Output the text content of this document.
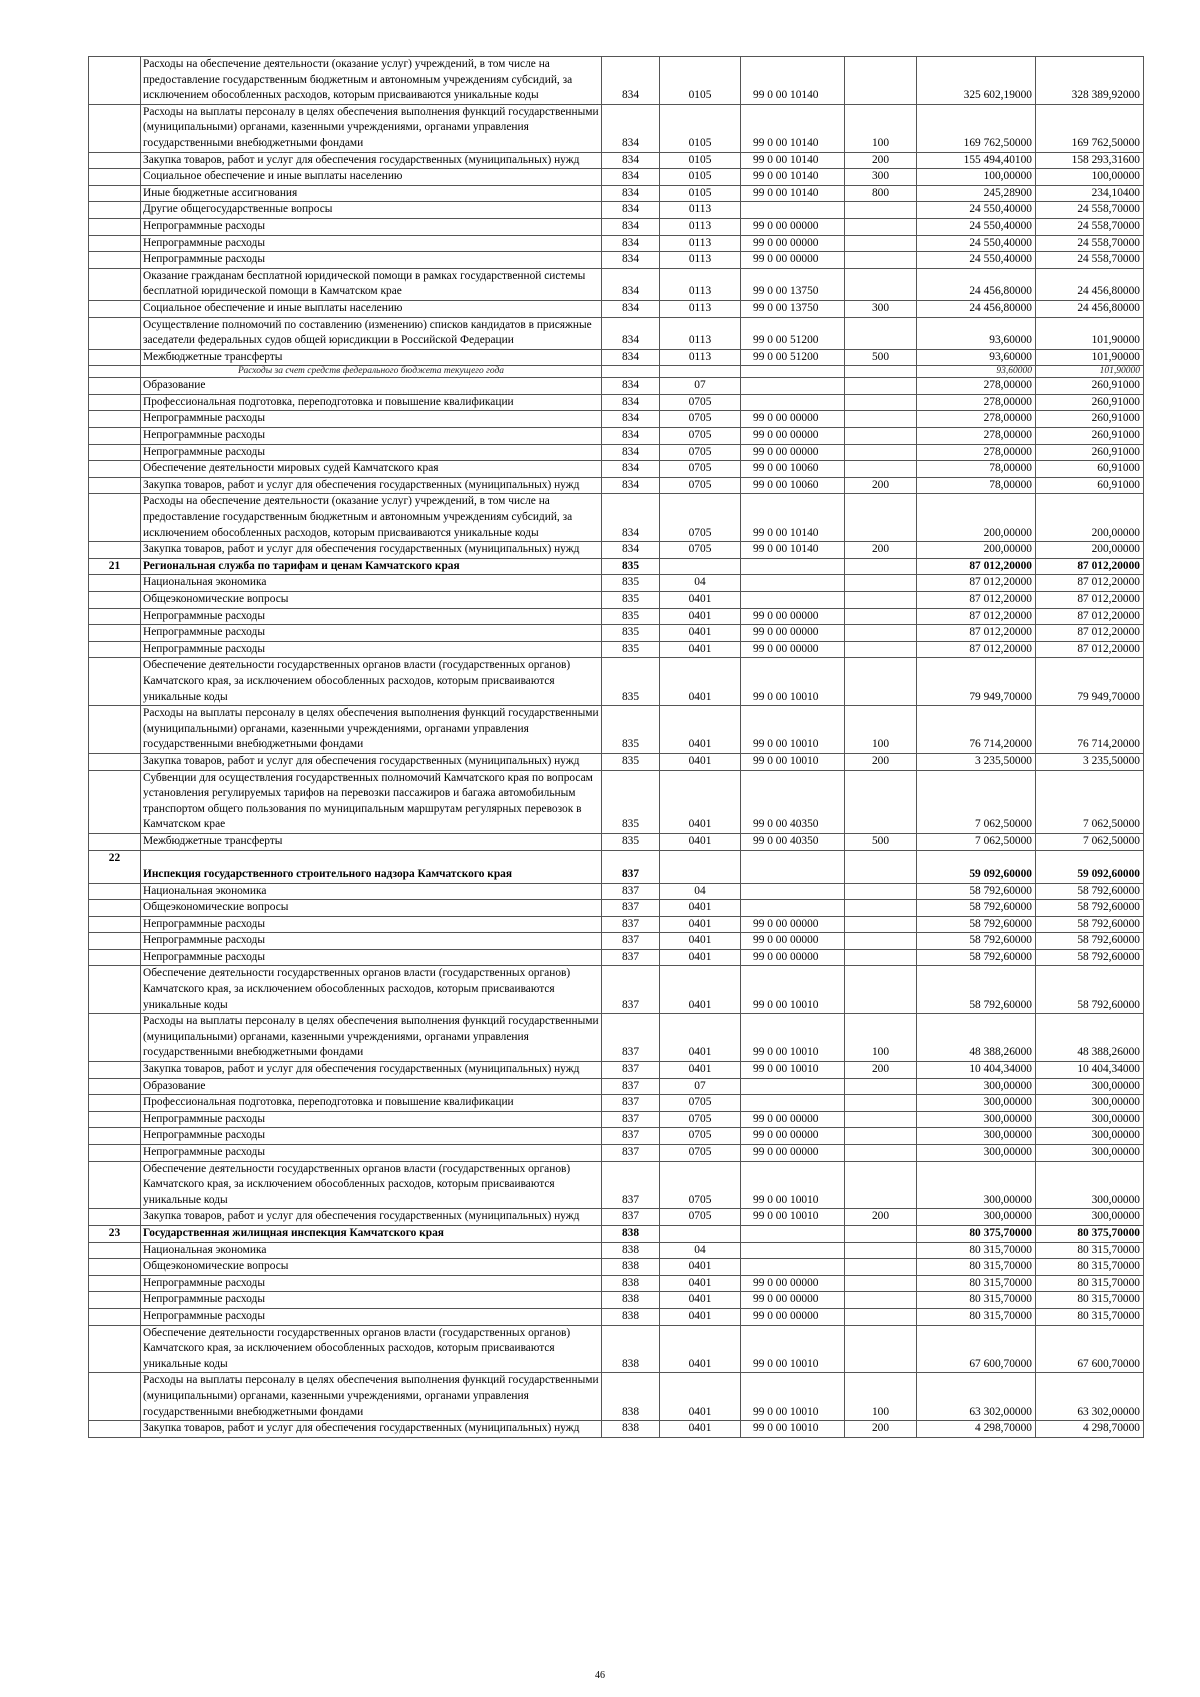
	Расходы на обеспечение деятельности (оказание услуг) учреждений, в том числе на предоставление государственным бюджетным и автономным учреждениям субсидий, за исключением обособленных расходов, которым присваиваются уникальные коды	834	0105	99 0 00 10140		325 602,19000	328 389,92000
	Расходы на выплаты персоналу в целях обеспечения выполнения функций государственными (муниципальными) органами, казенными учреждениями, органами управления государственными внебюджетными фондами	834	0105	99 0 00 10140	100	169 762,50000	169 762,50000
	Закупка товаров, работ и услуг для обеспечения государственных (муниципальных) нужд	834	0105	99 0 00 10140	200	155 494,40100	158 293,31600
	Социальное обеспечение и иные выплаты населению	834	0105	99 0 00 10140	300	100,00000	100,00000
	Иные бюджетные ассигнования	834	0105	99 0 00 10140	800	245,28900	234,10400
	Другие общегосударственные вопросы	834	0113			24 550,40000	24 558,70000
	Непрограммные расходы	834	0113	99 0 00 00000		24 550,40000	24 558,70000
	Непрограммные расходы	834	0113	99 0 00 00000		24 550,40000	24 558,70000
	Непрограммные расходы	834	0113	99 0 00 00000		24 550,40000	24 558,70000
	Оказание гражданам бесплатной юридической помощи в рамках государственной системы бесплатной юридической помощи в Камчатском крае	834	0113	99 0 00 13750		24 456,80000	24 456,80000
	Социальное обеспечение и иные выплаты населению	834	0113	99 0 00 13750	300	24 456,80000	24 456,80000
	Осуществление полномочий по составлению (изменению) списков кандидатов в присяжные заседатели федеральных судов общей юрисдикции в Российской Федерации	834	0113	99 0 00 51200		93,60000	101,90000
	Межбюджетные трансферты	834	0113	99 0 00 51200	500	93,60000	101,90000
	Расходы за счет средств федерального бюджета текущего года					93,60000	101,90000
	Образование	834	07			278,00000	260,91000
	Профессиональная подготовка, переподготовка и повышение квалификации	834	0705			278,00000	260,91000
	Непрограммные расходы	834	0705	99 0 00 00000		278,00000	260,91000
	Непрограммные расходы	834	0705	99 0 00 00000		278,00000	260,91000
	Непрограммные расходы	834	0705	99 0 00 00000		278,00000	260,91000
	Обеспечение деятельности мировых судей Камчатского края	834	0705	99 0 00 10060		78,00000	60,91000
	Закупка товаров, работ и услуг для обеспечения государственных (муниципальных) нужд	834	0705	99 0 00 10060	200	78,00000	60,91000
	Расходы на обеспечение деятельности (оказание услуг) учреждений, в том числе на предоставление государственным бюджетным и автономным учреждениям субсидий, за исключением обособленных расходов, которым присваиваются уникальные коды	834	0705	99 0 00 10140		200,00000	200,00000
	Закупка товаров, работ и услуг для обеспечения государственных (муниципальных) нужд	834	0705	99 0 00 10140	200	200,00000	200,00000
21	Региональная служба по тарифам и ценам Камчатского края	835				87 012,20000	87 012,20000
	Национальная экономика	835	04			87 012,20000	87 012,20000
	Общеэкономические вопросы	835	0401			87 012,20000	87 012,20000
	Непрограммные расходы	835	0401	99 0 00 00000		87 012,20000	87 012,20000
	Непрограммные расходы	835	0401	99 0 00 00000		87 012,20000	87 012,20000
	Непрограммные расходы	835	0401	99 0 00 00000		87 012,20000	87 012,20000
	Обеспечение деятельности государственных органов власти (государственных органов) Камчатского края, за исключением обособленных расходов, которым присваиваются уникальные коды	835	0401	99 0 00 10010		79 949,70000	79 949,70000
	Расходы на выплаты персоналу в целях обеспечения выполнения функций государственными (муниципальными) органами, казенными учреждениями, органами управления государственными внебюджетными фондами	835	0401	99 0 00 10010	100	76 714,20000	76 714,20000
	Закупка товаров, работ и услуг для обеспечения государственных (муниципальных) нужд	835	0401	99 0 00 10010	200	3 235,50000	3 235,50000
	Субвенции для осуществления государственных полномочий Камчатского края по вопросам установления регулируемых тарифов на перевозки пассажиров и багажа автомобильным транспортом общего пользования по муниципальным маршрутам регулярных перевозок в Камчатском крае	835	0401	99 0 00 40350		7 062,50000	7 062,50000
	Межбюджетные трансферты	835	0401	99 0 00 40350	500	7 062,50000	7 062,50000
22	Инспекция государственного строительного надзора Камчатского края	837				59 092,60000	59 092,60000
	Национальная экономика	837	04			58 792,60000	58 792,60000
	Общеэкономические вопросы	837	0401			58 792,60000	58 792,60000
	Непрограммные расходы	837	0401	99 0 00 00000		58 792,60000	58 792,60000
	Непрограммные расходы	837	0401	99 0 00 00000		58 792,60000	58 792,60000
	Непрограммные расходы	837	0401	99 0 00 00000		58 792,60000	58 792,60000
	Обеспечение деятельности государственных органов власти (государственных органов) Камчатского края, за исключением обособленных расходов, которым присваиваются уникальные коды	837	0401	99 0 00 10010		58 792,60000	58 792,60000
	Расходы на выплаты персоналу в целях обеспечения выполнения функций государственными (муниципальными) органами, казенными учреждениями, органами управления государственными внебюджетными фондами	837	0401	99 0 00 10010	100	48 388,26000	48 388,26000
	Закупка товаров, работ и услуг для обеспечения государственных (муниципальных) нужд	837	0401	99 0 00 10010	200	10 404,34000	10 404,34000
	Образование	837	07			300,00000	300,00000
	Профессиональная подготовка, переподготовка и повышение квалификации	837	0705			300,00000	300,00000
	Непрограммные расходы	837	0705	99 0 00 00000		300,00000	300,00000
	Непрограммные расходы	837	0705	99 0 00 00000		300,00000	300,00000
	Непрограммные расходы	837	0705	99 0 00 00000		300,00000	300,00000
	Обеспечение деятельности государственных органов власти (государственных органов) Камчатского края, за исключением обособленных расходов, которым присваиваются уникальные коды	837	0705	99 0 00 10010		300,00000	300,00000
	Закупка товаров, работ и услуг для обеспечения государственных (муниципальных) нужд	837	0705	99 0 00 10010	200	300,00000	300,00000
23	Государственная жилищная инспекция Камчатского края	838				80 375,70000	80 375,70000
	Национальная экономика	838	04			80 315,70000	80 315,70000
	Общеэкономические вопросы	838	0401			80 315,70000	80 315,70000
	Непрограммные расходы	838	0401	99 0 00 00000		80 315,70000	80 315,70000
	Непрограммные расходы	838	0401	99 0 00 00000		80 315,70000	80 315,70000
	Непрограммные расходы	838	0401	99 0 00 00000		80 315,70000	80 315,70000
	Обеспечение деятельности государственных органов власти (государственных органов) Камчатского края, за исключением обособленных расходов, которым присваиваются уникальные коды	838	0401	99 0 00 10010		67 600,70000	67 600,70000
	Расходы на выплаты персоналу в целях обеспечения выполнения функций государственными (муниципальными) органами, казенными учреждениями, органами управления государственными внебюджетными фондами	838	0401	99 0 00 10010	100	63 302,00000	63 302,00000
	Закупка товаров, работ и услуг для обеспечения государственных (муниципальных) нужд	838	0401	99 0 00 10010	200	4 298,70000	4 298,70000
46
